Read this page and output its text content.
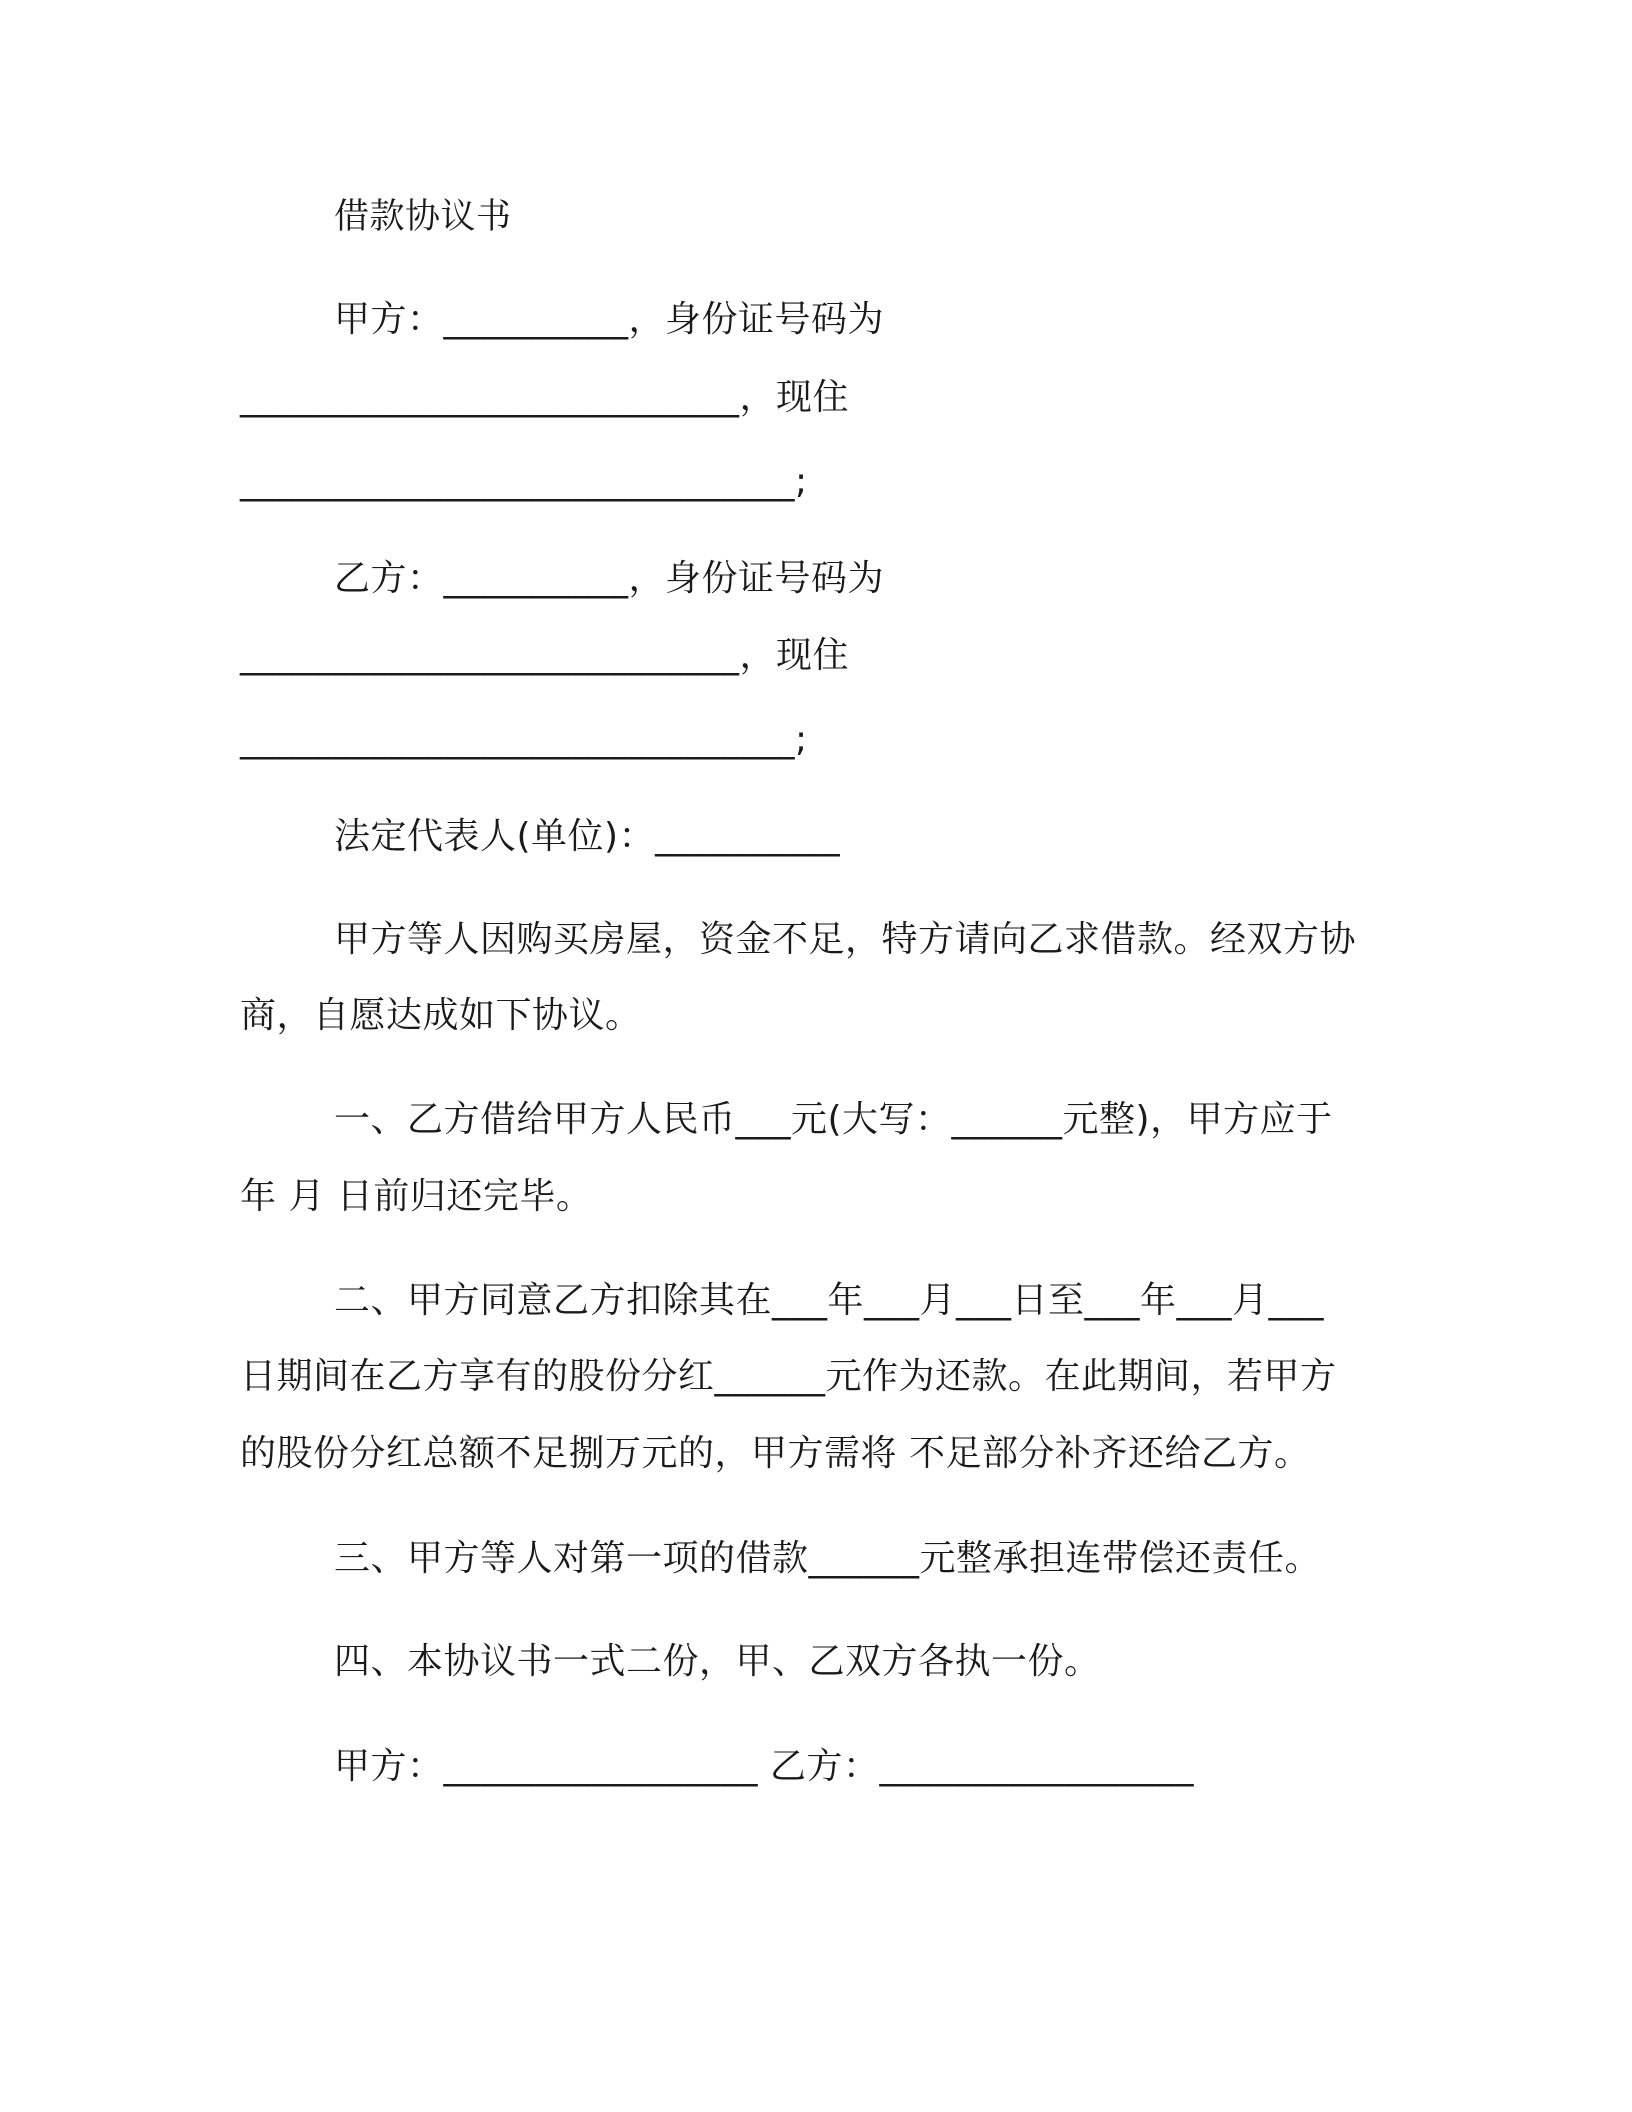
借款协议书
甲方：__________，身份证号码为
___________________________，现住
______________________________;
乙方：__________，身份证号码为
___________________________，现住
______________________________;
法定代表人(单位)：__________
甲方等人因购买房屋，资金不足，特方请向乙求借款。经双方协
商，自愿达成如下协议。
一、乙方借给甲方人民币___元(大写：______元整)，甲方应于
年 月 日前归还完毕。
二、甲方同意乙方扣除其在___年___月___日至___年___月___
日期间在乙方享有的股份分红______元作为还款。在此期间，若甲方
的股份分红总额不足捌万元的，甲方需将 不足部分补齐还给乙方。
三、甲方等人对第一项的借款______元整承担连带偿还责任。
四、本协议书一式二份，甲、乙双方各执一份。
甲方：_________________ 乙方：_________________
